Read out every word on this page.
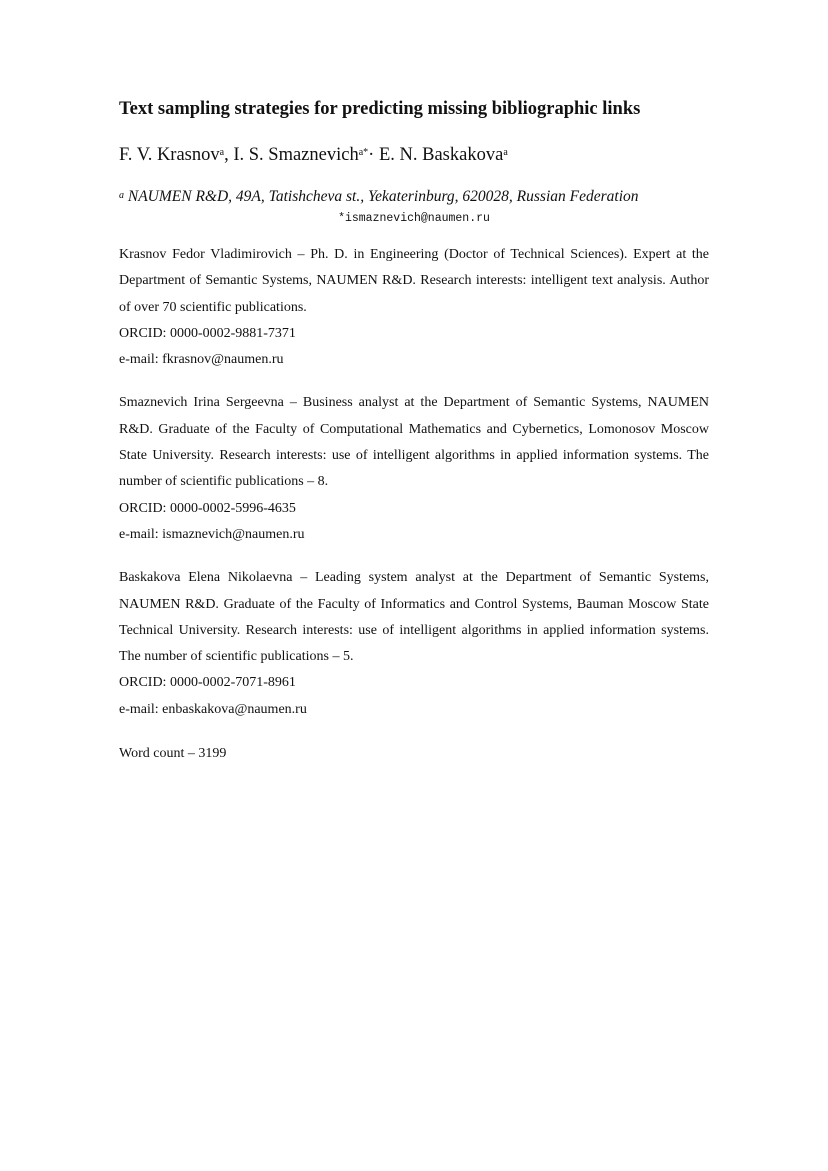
Text sampling strategies for predicting missing bibliographic links
F. V. Krasnov$^a$, I. S. Smaznevich$^{a*}$· E. N. Baskakova$^a$
$^a$ NAUMEN R&D, 49A, Tatishcheva st., Yekaterinburg, 620028, Russian Federation
*ismaznevich@naumen.ru

Krasnov Fedor Vladimirovich – Ph. D. in Engineering (Doctor of Technical Sciences). Expert at the Department of Semantic Systems, NAUMEN R&D. Research interests: intelligent text analysis. Author of over 70 scientific publications.

ORCID: 0000-0002-9881-7371
e-mail: fkrasnov@naumen.ru

Smaznevich Irina Sergeevna – Business analyst at the Department of Semantic Systems, NAUMEN R&D. Graduate of the Faculty of Computational Mathematics and Cybernetics, Lomonosov Moscow State University. Research interests: use of intelligent algorithms in applied information systems. The number of scientific publications – 8.

ORCID: 0000-0002-5996-4635
e-mail: ismaznevich@naumen.ru

Baskakova Elena Nikolaevna – Leading system analyst at the Department of Semantic Systems, NAUMEN R&D. Graduate of the Faculty of Informatics and Control Systems, Bauman Moscow State Technical University. Research interests: use of intelligent algorithms in applied information systems. The number of scientific publications – 5.

ORCID: 0000-0002-7071-8961
e-mail: enbaskakova@naumen.ru
Word count – 3199
